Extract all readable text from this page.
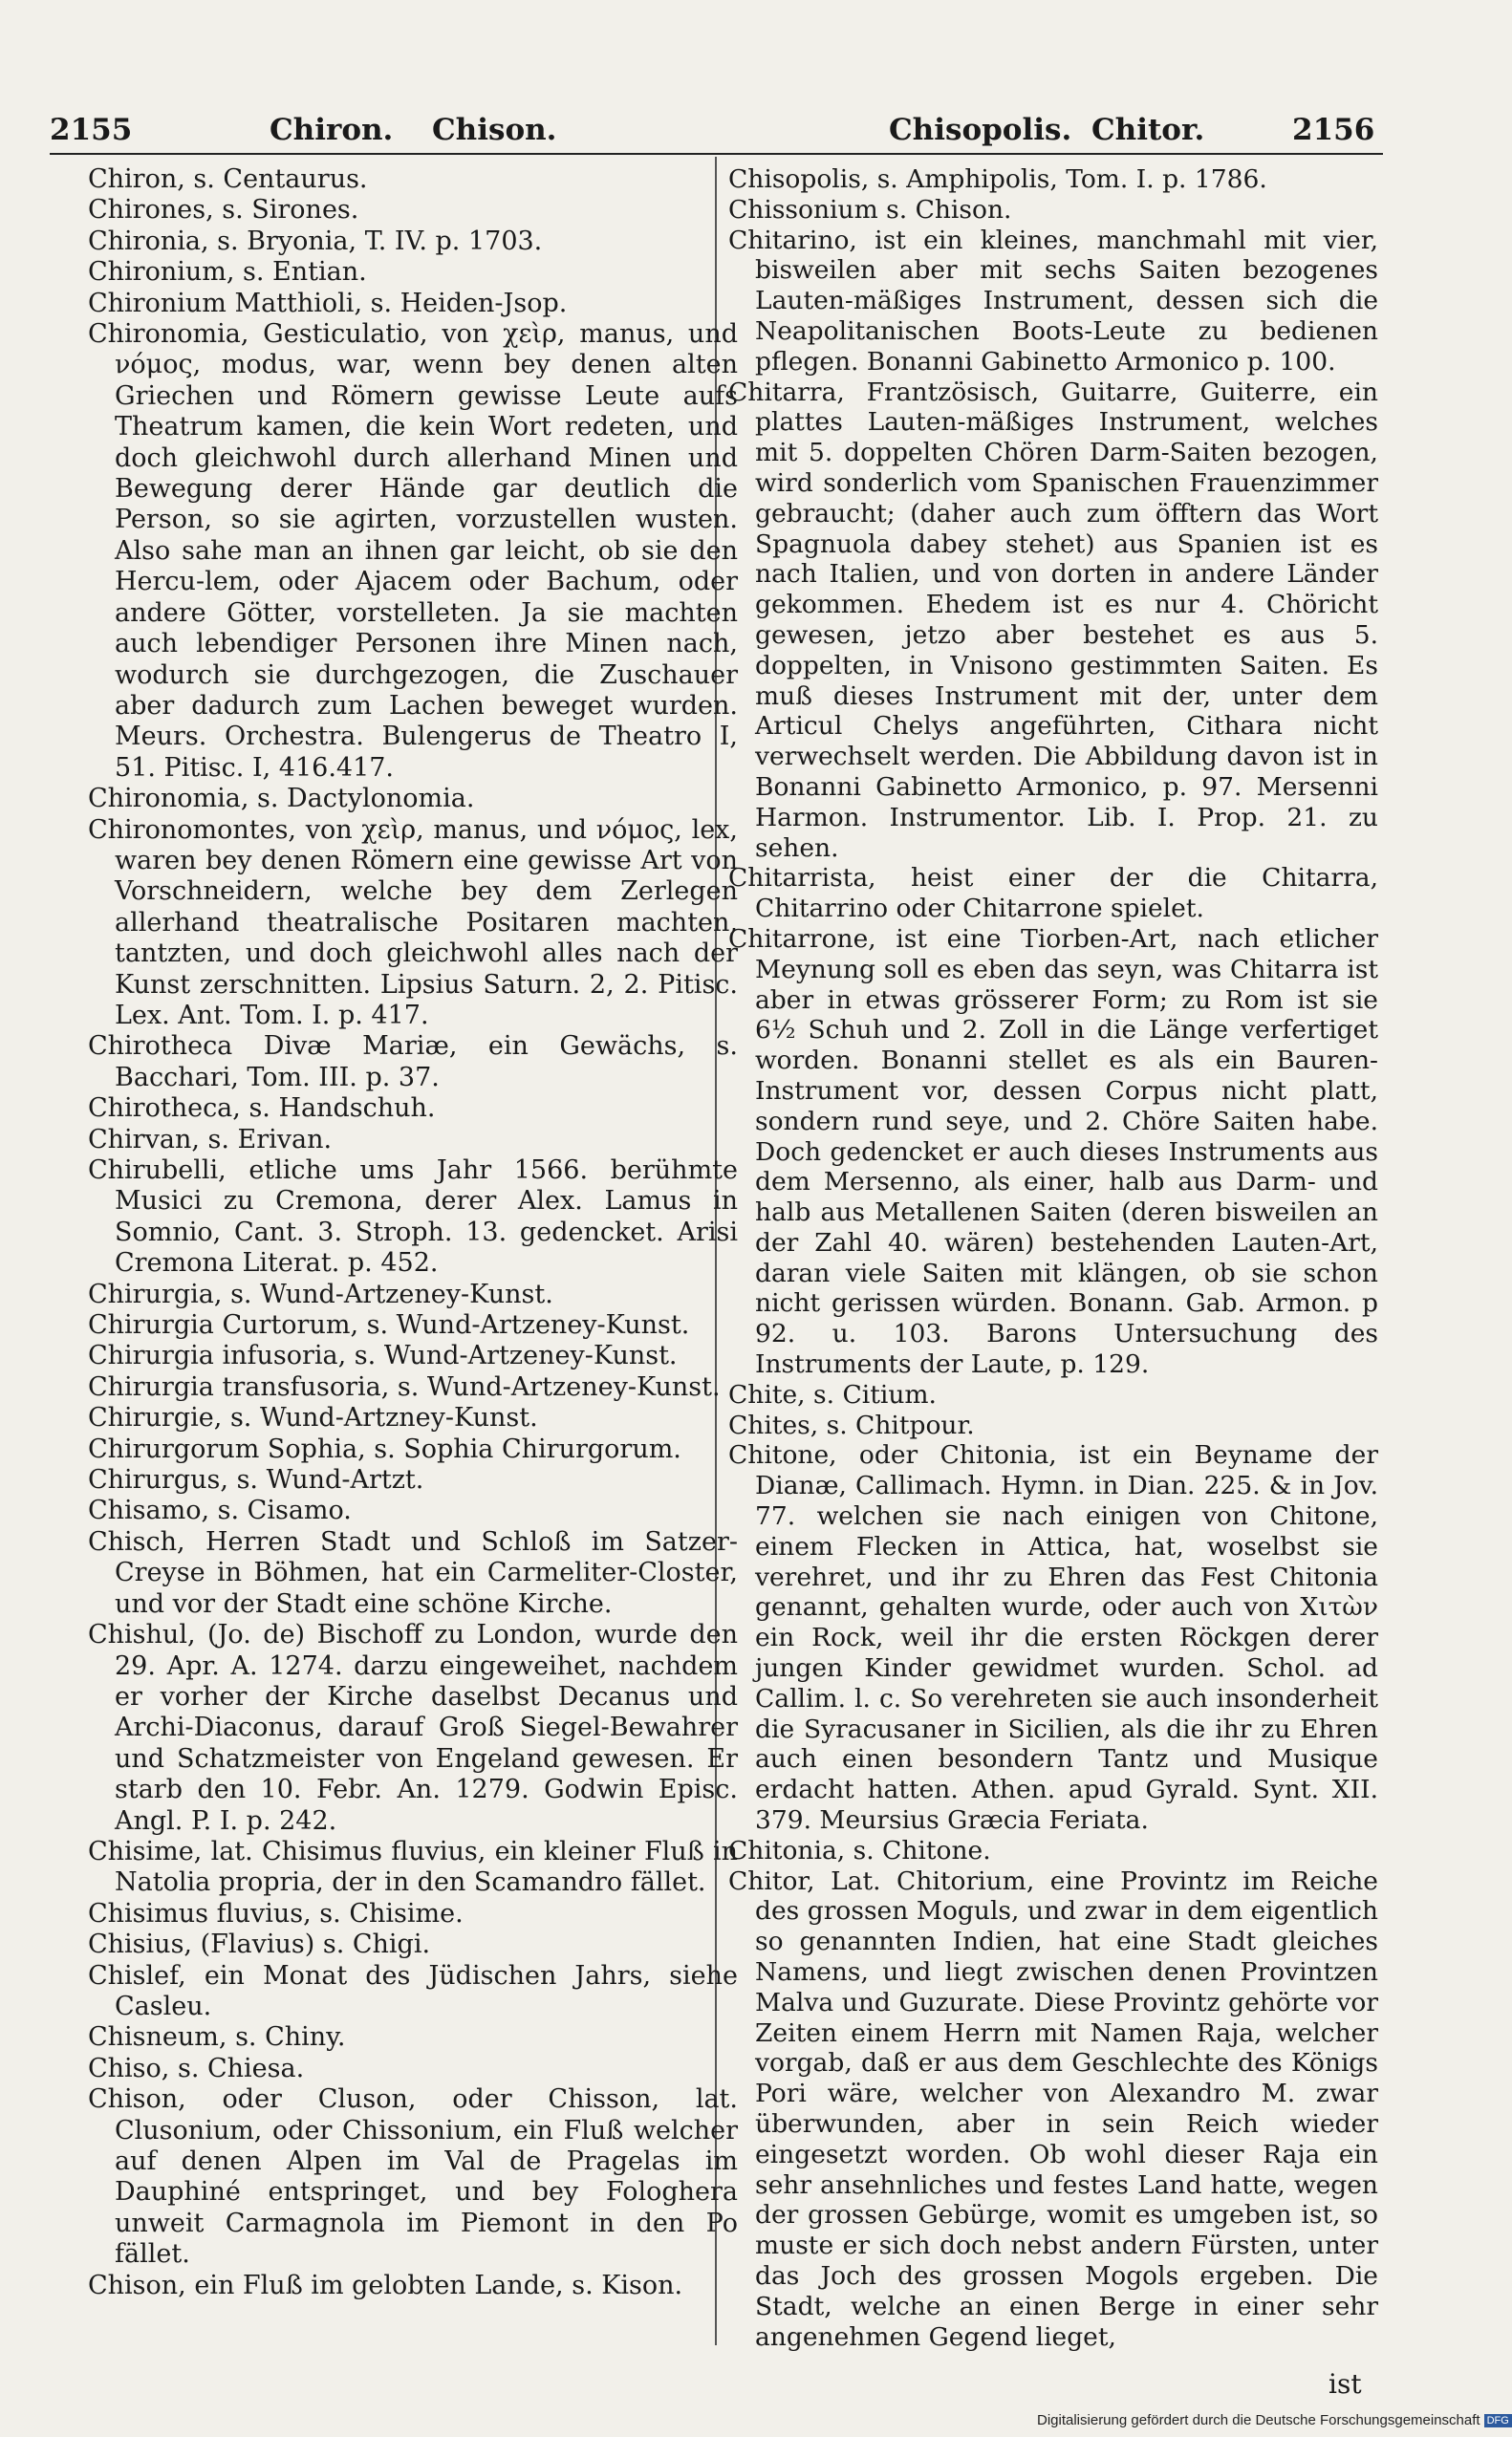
2155	Chiron. Chison.	Chisopolis. Chitor.	2156

Chiron, s. Centaurus.

Chirones, s. Sirones.

Chironia, s. Bryonia, T. IV. p. 1703.

Chironium, s. Entian.

Chironium Matthioli, s. Heiden-Jsop.

Chironomia, Gesticulatio, von χεὶρ, manus, und νόμος, modus, war, wenn bey denen alten Griechen und Römern gewisse Leute aufs Theatrum kamen, die kein Wort redeten, und doch gleichwohl durch allerhand Minen und Bewegung derer Hände gar deutlich die Person, so sie agirten, vorzustellen wusten. Also sahe man an ihnen gar leicht, ob sie den Hercu-lem, oder Ajacem oder Bachum, oder andere Götter, vorstelleten. Ja sie machten auch lebendiger Personen ihre Minen nach, wodurch sie durchgezogen, die Zuschauer aber dadurch zum Lachen beweget wurden. Meurs. Orchestra. Bulengerus de Theatro I, 51. Pitisc. I, 416.417.

Chironomia, s. Dactylonomia.

Chironomontes, von χεὶρ, manus, und νόμος, lex, waren bey denen Römern eine gewisse Art von Vorschneidern, welche bey dem Zerlegen allerhand theatralische Positaren machten, tantzten, und doch gleichwohl alles nach der Kunst zerschnitten. Lipsius Saturn. 2, 2. Pitisc. Lex. Ant. Tom. I. p. 417.

Chirotheca Divæ Mariæ, ein Gewächs, s. Bacchari, Tom. III. p. 37.

Chirotheca, s. Handschuh.

Chirvan, s. Erivan.

Chirubelli, etliche ums Jahr 1566. berühmte Musici zu Cremona, derer Alex. Lamus in Somnio, Cant. 3. Stroph. 13. gedencket. Arisi Cremona Literat. p. 452.

Chirurgia, s. Wund-Artzeney-Kunst.

Chirurgia Curtorum, s. Wund-Artzeney-Kunst.

Chirurgia infusoria, s. Wund-Artzeney-Kunst.

Chirurgia transfusoria, s. Wund-Artzeney-Kunst.

Chirurgie, s. Wund-Artzney-Kunst.

Chirurgorum Sophia, s. Sophia Chirurgorum.

Chirurgus, s. Wund-Artzt.

Chisamo, s. Cisamo.

Chisch, Herren Stadt und Schloß im Satzer-Creyse in Böhmen, hat ein Carmeliter-Closter, und vor der Stadt eine schöne Kirche.

Chishul, (Jo. de) Bischoff zu London, wurde den 29. Apr. A. 1274. darzu eingeweihet, nachdem er vorher der Kirche daselbst Decanus und Archi-Diaconus, darauf Groß Siegel-Bewahrer und Schatzmeister von Engeland gewesen. Er starb den 10. Febr. An. 1279. Godwin Episc. Angl. P. I. p. 242.

Chisime, lat. Chisimus fluvius, ein kleiner Fluß in Natolia propria, der in den Scamandro fället.

Chisimus fluvius, s. Chisime.

Chisius, (Flavius) s. Chigi.

Chislef, ein Monat des Jüdischen Jahrs, siehe Casleu.

Chisneum, s. Chiny.

Chiso, s. Chiesa.

Chison, oder Cluson, oder Chisson, lat. Clusonium, oder Chissonium, ein Fluß welcher auf denen Alpen im Val de Pragelas im Dauphiné entspringet, und bey Fologhera unweit Carmagnola im Piemont in den Po fället.

Chison, ein Fluß im gelobten Lande, s. Kison.

Chisopolis, s. Amphipolis, Tom. I. p. 1786.

Chissonium s. Chison.

Chitarino, ist ein kleines, manchmahl mit vier, bisweilen aber mit sechs Saiten bezogenes Lauten-mäßiges Instrument, dessen sich die Neapolitanischen Boots-Leute zu bedienen pflegen. Bonanni Gabinetto Armonico p. 100.

Chitarra, Frantzösisch, Guitarre, Guiterre, ein plattes Lauten-mäßiges Instrument, welches mit 5. doppelten Chören Darm-Saiten bezogen, wird sonderlich vom Spanischen Frauenzimmer gebraucht; (daher auch zum öfftern das Wort Spagnuola dabey stehet) aus Spanien ist es nach Italien, und von dorten in andere Länder gekommen. Ehedem ist es nur 4. Chöricht gewesen, jetzo aber bestehet es aus 5. doppelten, in Vnisono gestimmten Saiten. Es muß dieses Instrument mit der, unter dem Articul Chelys angeführten, Cithara nicht verwechselt werden. Die Abbildung davon ist in Bonanni Gabinetto Armonico, p. 97. Mersenni Harmon. Instrumentor. Lib. I. Prop. 21. zu sehen.

Chitarrista, heist einer der die Chitarra, Chitarrino oder Chitarrone spielet.

Chitarrone, ist eine Tiorben-Art, nach etlicher Meynung soll es eben das seyn, was Chitarra ist aber in etwas grösserer Form; zu Rom ist sie 6½ Schuh und 2. Zoll in die Länge verfertiget worden. Bonanni stellet es als ein Bauren-Instrument vor, dessen Corpus nicht platt, sondern rund seye, und 2. Chöre Saiten habe. Doch gedencket er auch dieses Instruments aus dem Mersenno, als einer, halb aus Darm- und halb aus Metallenen Saiten (deren bisweilen an der Zahl 40. wären) bestehenden Lauten-Art, daran viele Saiten mit klängen, ob sie schon nicht gerissen würden. Bonann. Gab. Armon. p 92. u. 103. Barons Untersuchung des Instruments der Laute, p. 129.

Chite, s. Citium.

Chites, s. Chitpour.

Chitone, oder Chitonia, ist ein Beyname der Dianæ, Callimach. Hymn. in Dian. 225. & in Jov. 77. welchen sie nach einigen von Chitone, einem Flecken in Attica, hat, woselbst sie verehret, und ihr zu Ehren das Fest Chitonia genannt, gehalten wurde, oder auch von Χιτὼν ein Rock, weil ihr die ersten Röckgen derer jungen Kinder gewidmet wurden. Schol. ad Callim. l. c. So verehreten sie auch insonderheit die Syracusaner in Sicilien, als die ihr zu Ehren auch einen besondern Tantz und Musique erdacht hatten. Athen. apud Gyrald. Synt. XII. 379. Meursius Græcia Feriata.

Chitonia, s. Chitone.

Chitor, Lat. Chitorium, eine Provintz im Reiche des grossen Moguls, und zwar in dem eigentlich so genannten Indien, hat eine Stadt gleiches Namens, und liegt zwischen denen Provintzen Malva und Guzurate. Diese Provintz gehörte vor Zeiten einem Herrn mit Namen Raja, welcher vorgab, daß er aus dem Geschlechte des Königs Pori wäre, welcher von Alexandro M. zwar überwunden, aber in sein Reich wieder eingesetzt worden. Ob wohl dieser Raja ein sehr ansehnliches und festes Land hatte, wegen der grossen Gebürge, womit es umgeben ist, so muste er sich doch nebst andern Fürsten, unter das Joch des grossen Mogols ergeben. Die Stadt, welche an einen Berge in einer sehr angenehmen Gegend lieget,

ist
Digitalisierung gefördert durch die Deutsche Forschungsgemeinschaft DFG
